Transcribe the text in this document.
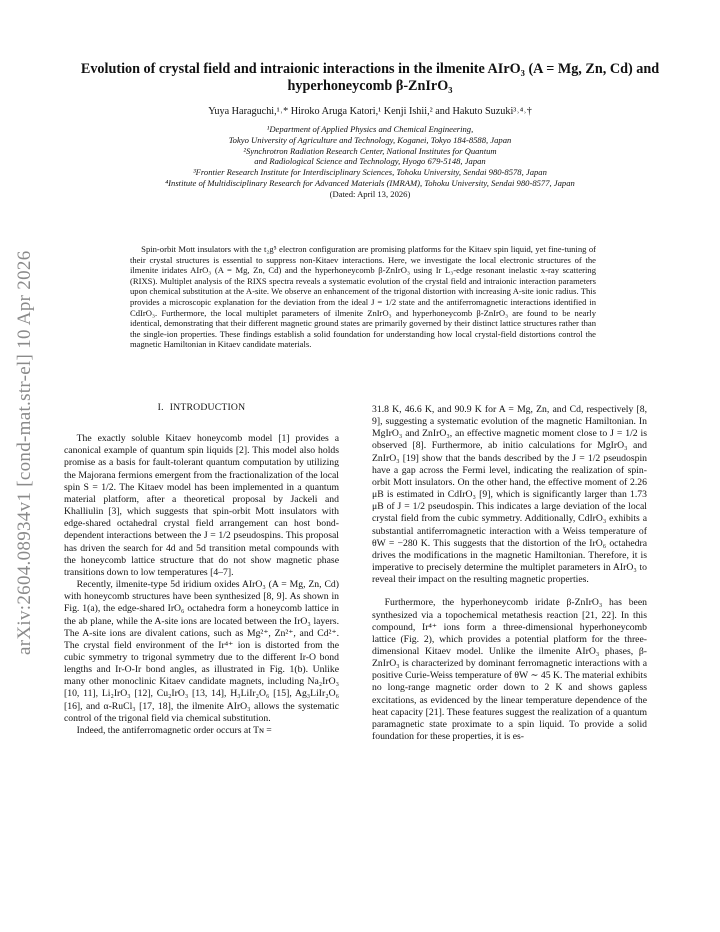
arXiv:2604.08934v1 [cond-mat.str-el] 10 Apr 2026
Evolution of crystal field and intraionic interactions in the ilmenite AIrO₃ (A = Mg, Zn, Cd) and hyperhoneycomb β-ZnIrO₃
Yuya Haraguchi,¹˒* Hiroko Aruga Katori,¹ Kenji Ishii,² and Hakuto Suzuki³˒⁴˒†
¹Department of Applied Physics and Chemical Engineering,
Tokyo University of Agriculture and Technology, Koganei, Tokyo 184-8588, Japan
²Synchrotron Radiation Research Center, National Institutes for Quantum
and Radiological Science and Technology, Hyogo 679-5148, Japan
³Frontier Research Institute for Interdisciplinary Sciences, Tohoku University, Sendai 980-8578, Japan
⁴Institute of Multidisciplinary Research for Advanced Materials (IMRAM), Tohoku University, Sendai 980-8577, Japan
(Dated: April 13, 2026)
Spin-orbit Mott insulators with the t₂g⁵ electron configuration are promising platforms for the Kitaev spin liquid, yet fine-tuning of their crystal structures is essential to suppress non-Kitaev interactions. Here, we investigate the local electronic structures of the ilmenite iridates AIrO₃ (A = Mg, Zn, Cd) and the hyperhoneycomb β-ZnIrO₃ using Ir L₃-edge resonant inelastic x-ray scattering (RIXS). Multiplet analysis of the RIXS spectra reveals a systematic evolution of the crystal field and intraionic interaction parameters upon chemical substitution at the A-site. We observe an enhancement of the trigonal distortion with increasing A-site ionic radius. This provides a microscopic explanation for the deviation from the ideal J = 1/2 state and the antiferromagnetic interactions identified in CdIrO₃. Furthermore, the local multiplet parameters of ilmenite ZnIrO₃ and hyperhoneycomb β-ZnIrO₃ are found to be nearly identical, demonstrating that their different magnetic ground states are primarily governed by their distinct lattice structures rather than the single-ion properties. These findings establish a solid foundation for understanding how local crystal-field distortions control the magnetic Hamiltonian in Kitaev candidate materials.
I. INTRODUCTION

The exactly soluble Kitaev honeycomb model [1] provides a canonical example of quantum spin liquids [2]. This model also holds promise as a basis for fault-tolerant quantum computation by utilizing the Majorana fermions emergent from the fractionalization of the local spin S = 1/2. The Kitaev model has been implemented in a quantum material platform, after a theoretical proposal by Jackeli and Khalliulin [3], which suggests that spin-orbit Mott insulators with edge-shared octahedral crystal field arrangement can host bond-dependent interactions between the J = 1/2 pseudospins. This proposal has driven the search for 4d and 5d transition metal compounds with the honeycomb lattice structure that do not show magnetic phase transitions down to low temperatures [4–7].

Recently, ilmenite-type 5d iridium oxides AIrO₃ (A = Mg, Zn, Cd) with honeycomb structures have been synthesized [8, 9]. As shown in Fig. 1(a), the edge-shared IrO₆ octahedra form a honeycomb lattice in the ab plane, while the A-site ions are located between the IrO₃ layers. The A-site ions are divalent cations, such as Mg²⁺, Zn²⁺, and Cd²⁺. The crystal field environment of the Ir⁴⁺ ion is distorted from the cubic symmetry to trigonal symmetry due to the different Ir-O bond lengths and Ir-O-Ir bond angles, as illustrated in Fig. 1(b). Unlike many other monoclinic Kitaev candidate magnets, including Na₂IrO₃ [10, 11], Li₂IrO₃ [12], Cu₂IrO₃ [13, 14], H₃LiIr₂O₆ [15], Ag₃LiIr₂O₆ [16], and α-RuCl₃ [17, 18], the ilmenite AIrO₃ allows the systematic control of the trigonal field via chemical substitution.

Indeed, the antiferromagnetic order occurs at Tɴ =

31.8 K, 46.6 K, and 90.9 K for A = Mg, Zn, and Cd, respectively [8, 9], suggesting a systematic evolution of the magnetic Hamiltonian. In MgIrO₃ and ZnIrO₃, an effective magnetic moment close to J = 1/2 is observed [8]. Furthermore, ab initio calculations for MgIrO₃ and ZnIrO₃ [19] show that the bands described by the J = 1/2 pseudospin have a gap across the Fermi level, indicating the realization of spin-orbit Mott insulators. On the other hand, the effective moment of 2.26 μB is estimated in CdIrO₃ [9], which is significantly larger than 1.73 μB of J = 1/2 pseudospin. This indicates a large deviation of the local crystal field from the cubic symmetry. Additionally, CdIrO₃ exhibits a substantial antiferromagnetic interaction with a Weiss temperature of θW = −280 K. This suggests that the distortion of the IrO₆ octahedra drives the modifications in the magnetic Hamiltonian. Therefore, it is imperative to precisely determine the multiplet parameters in AIrO₃ to reveal their impact on the resulting magnetic properties.

Furthermore, the hyperhoneycomb iridate β-ZnIrO₃ has been synthesized via a topochemical metathesis reaction [21, 22]. In this compound, Ir⁴⁺ ions form a three-dimensional hyperhoneycomb lattice (Fig. 2), which provides a potential platform for the three-dimensional Kitaev model. Unlike the ilmenite AIrO₃ phases, β-ZnIrO₃ is characterized by dominant ferromagnetic interactions with a positive Curie-Weiss temperature of θW ∼ 45 K. The material exhibits no long-range magnetic order down to 2 K and shows gapless excitations, as evidenced by the linear temperature dependence of the heat capacity [21]. These features suggest the realization of a quantum paramagnetic state proximate to a spin liquid. To provide a solid foundation for these properties, it is es-
